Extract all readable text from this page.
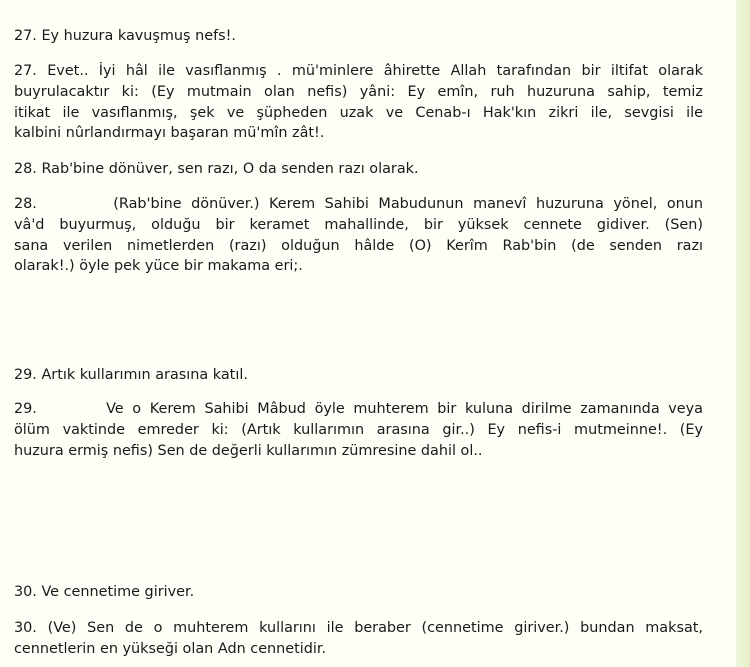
27. Ey huzura kavuşmuş nefs!.

27. Evet.. İyi hâl ile vasıflanmış . mü'minlere âhirette Allah tarafından bir iltifat olarak
buyrulacaktır ki: (Ey mutmain olan nefis) yâni: Ey emîn, ruh huzuruna sahip, temiz
itikat ile vasıflanmış, şek ve şüpheden uzak ve Cenab-ı Hak'kın zikri ile, sevgisi ile
kalbini nûrlandırmayı başaran mü'mîn zât!.

28. Rab'bine dönüver, sen razı, O da senden razı olarak.

28.        (Rab'bine dönüver.) Kerem Sahibi Mabudunun manevî huzuruna yönel, onun
vâ'd buyurmuş, olduğu bir keramet mahallinde, bir yüksek cennete gidiver. (Sen)
sana verilen nimetlerden (razı) olduğun hâlde (O) Kerîm Rab'bin (de senden razı
olarak!.) öyle pek yüce bir makama eri;.

29. Artık kullarımın arasına katıl.

29.        Ve o Kerem Sahibi Mâbud öyle muhterem bir kuluna dirilme zamanında veya
ölüm vaktinde emreder ki: (Artık kullarımın arasına gir..) Ey nefis-i mutmeinne!. (Ey
huzura ermiş nefis) Sen de değerli kullarımın zümresine dahil ol..

30. Ve cennetime giriver.

30. (Ve) Sen de o muhterem kullarını ile beraber (cennetime giriver.) bundan maksat,
cennetlerin en yükseği olan Adn cennetidir.
